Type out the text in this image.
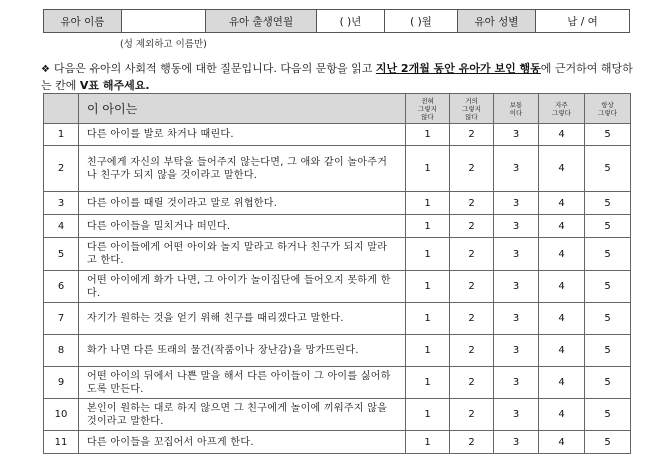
유아 이름		유아 출생연월	( )년	( )월	유아 성별	남 / 여
(성 제외하고 이름만)
❖ 다음은 유아의 사회적 행동에 대한 질문입니다. 다음의 문항을 읽고 지난 2개월 동안 유아가 보인 행동에 근거하여 해당하는 칸에 V표 해주세요.
	이 아이는	전혀
그렇지
않다	거의
그렇지
않다	보통
이다	자주
그렇다	항상
그렇다
1	다른 아이를 발로 차거나 때린다.	1	2	3	4	5
2	친구에게 자신의 부탁을 들어주지 않는다면, 그 애와 같이 놀아주거나 친구가 되지 않을 것이라고 말한다.	1	2	3	4	5
3	다른 아이를 때릴 것이라고 말로 위협한다.	1	2	3	4	5
4	다른 아이들을 밀치거나 떠민다.	1	2	3	4	5
5	다른 아이들에게 어떤 아이와 놀지 말라고 하거나 친구가 되지 말라고 한다.	1	2	3	4	5
6	어떤 아이에게 화가 나면, 그 아이가 놀이집단에 들어오지 못하게 한다.	1	2	3	4	5
7	자기가 원하는 것을 얻기 위해 친구를 때리겠다고 말한다.	1	2	3	4	5
8	화가 나면 다른 또래의 물건(작품이나 장난감)을 망가뜨린다.	1	2	3	4	5
9	어떤 아이의 뒤에서 나쁜 말을 해서 다른 아이들이 그 아이를 싫어하도록 만든다.	1	2	3	4	5
10	본인이 원하는 대로 하지 않으면 그 친구에게 놀이에 끼워주지 않을 것이라고 말한다.	1	2	3	4	5
11	다른 아이들을 꼬집어서 아프게 한다.	1	2	3	4	5
